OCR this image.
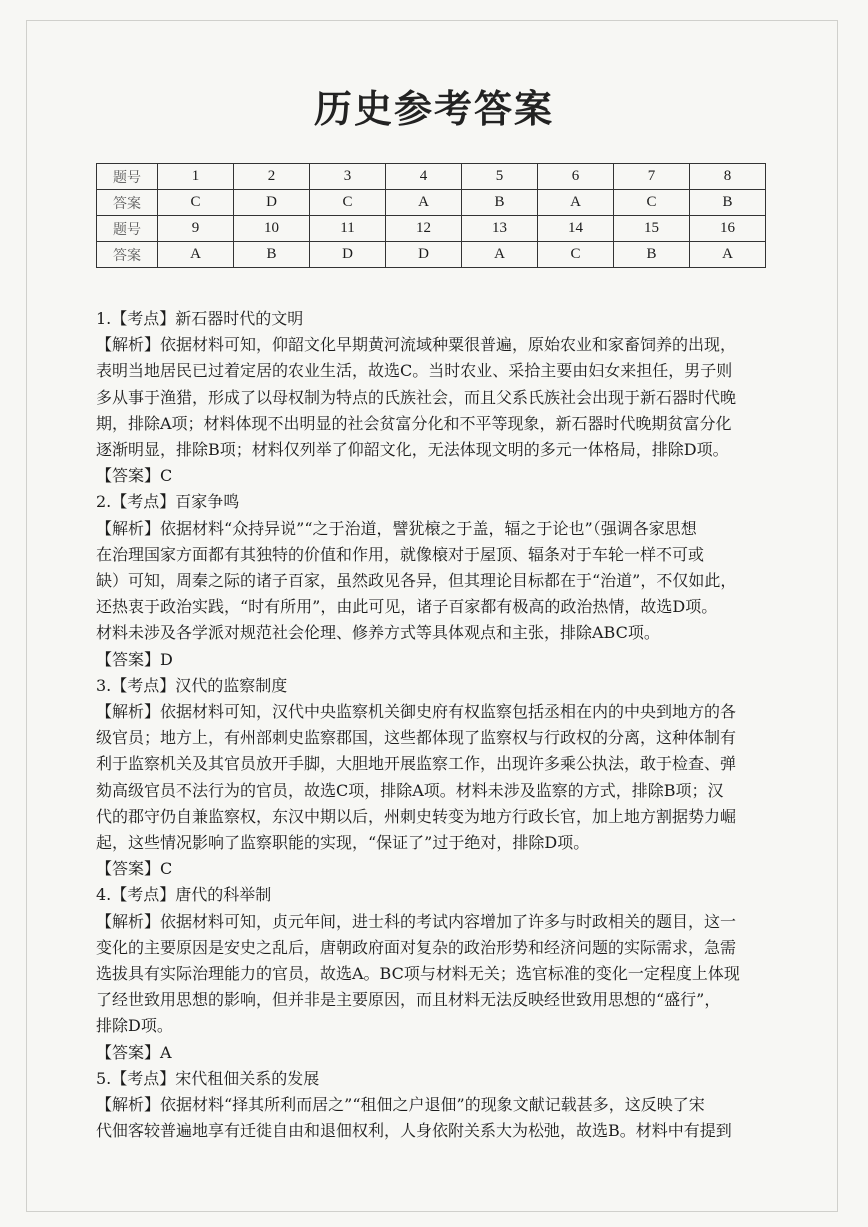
历史参考答案
题号	1	2	3	4	5	6	7	8
答案	C	D	C	A	B	A	C	B
题号	9	10	11	12	13	14	15	16
答案	A	B	D	D	A	C	B	A
1.【考点】新石器时代的文明
【解析】依据材料可知，仰韶文化早期黄河流域种粟很普遍，原始农业和家畜饲养的出现，
表明当地居民已过着定居的农业生活，故选C。当时农业、采拾主要由妇女来担任，男子则
多从事于渔猎，形成了以母权制为特点的氏族社会，而且父系氏族社会出现于新石器时代晚
期，排除A项；材料体现不出明显的社会贫富分化和不平等现象，新石器时代晚期贫富分化
逐渐明显，排除B项；材料仅列举了仰韶文化，无法体现文明的多元一体格局，排除D项。
【答案】C
2.【考点】百家争鸣
【解析】依据材料“众持异说”“之于治道，譬犹榱之于盖，辐之于论也”（强调各家思想
在治理国家方面都有其独特的价值和作用，就像榱对于屋顶、辐条对于车轮一样不可或
缺）可知，周秦之际的诸子百家，虽然政见各异，但其理论目标都在于“治道”，不仅如此，
还热衷于政治实践，“时有所用”，由此可见，诸子百家都有极高的政治热情，故选D项。
材料未涉及各学派对规范社会伦理、修养方式等具体观点和主张，排除ABC项。
【答案】D
3.【考点】汉代的监察制度
【解析】依据材料可知，汉代中央监察机关御史府有权监察包括丞相在内的中央到地方的各
级官员；地方上，有州部刺史监察郡国，这些都体现了监察权与行政权的分离，这种体制有
利于监察机关及其官员放开手脚，大胆地开展监察工作，出现许多乘公执法，敢于检查、弹
劾高级官员不法行为的官员，故选C项，排除A项。材料未涉及监察的方式，排除B项；汉
代的郡守仍自兼监察权，东汉中期以后，州刺史转变为地方行政长官，加上地方割据势力崛
起，这些情况影响了监察职能的实现，“保证了”过于绝对，排除D项。
【答案】C
4.【考点】唐代的科举制
【解析】依据材料可知，贞元年间，进士科的考试内容增加了许多与时政相关的题目，这一
变化的主要原因是安史之乱后，唐朝政府面对复杂的政治形势和经济问题的实际需求，急需
选拔具有实际治理能力的官员，故选A。BC项与材料无关；选官标准的变化一定程度上体现
了经世致用思想的影响，但并非是主要原因，而且材料无法反映经世致用思想的“盛行”，
排除D项。
【答案】A
5.【考点】宋代租佃关系的发展
【解析】依据材料“择其所利而居之”“租佃之户退佃”的现象文献记载甚多，这反映了宋
代佃客较普遍地享有迁徙自由和退佃权利，人身依附关系大为松弛，故选B。材料中有提到
